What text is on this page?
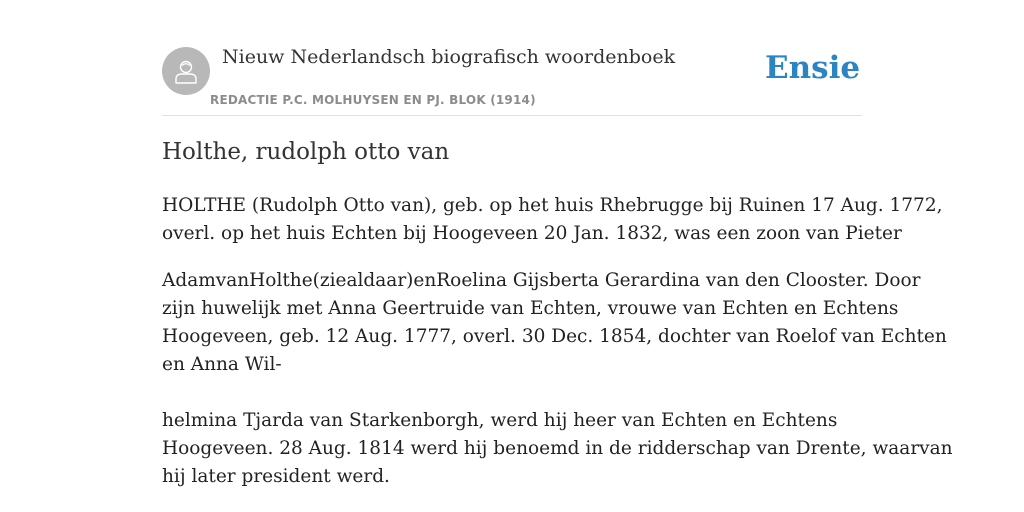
Nieuw Nederlandsch biografisch woordenboek
REDACTIE P.C. MOLHUYSEN EN PJ. BLOK (1914)
Ensie
Holthe, rudolph otto van

HOLTHE (Rudolph Otto van), geb. op het huis Rhebrugge bij Ruinen 17 Aug. 1772,
overl. op het huis Echten bij Hoogeveen 20 Jan. 1832, was een zoon van Pieter

AdamvanHolthe(ziealdaar)enRoelina Gijsberta Gerardina van den Clooster. Door
zijn huwelijk met Anna Geertruide van Echten, vrouwe van Echten en Echtens
Hoogeveen, geb. 12 Aug. 1777, overl. 30 Dec. 1854, dochter van Roelof van Echten
en Anna Wil-

helmina Tjarda van Starkenborgh, werd hij heer van Echten en Echtens
Hoogeveen. 28 Aug. 1814 werd hij benoemd in de ridderschap van Drente, waarvan
hij later president werd.
